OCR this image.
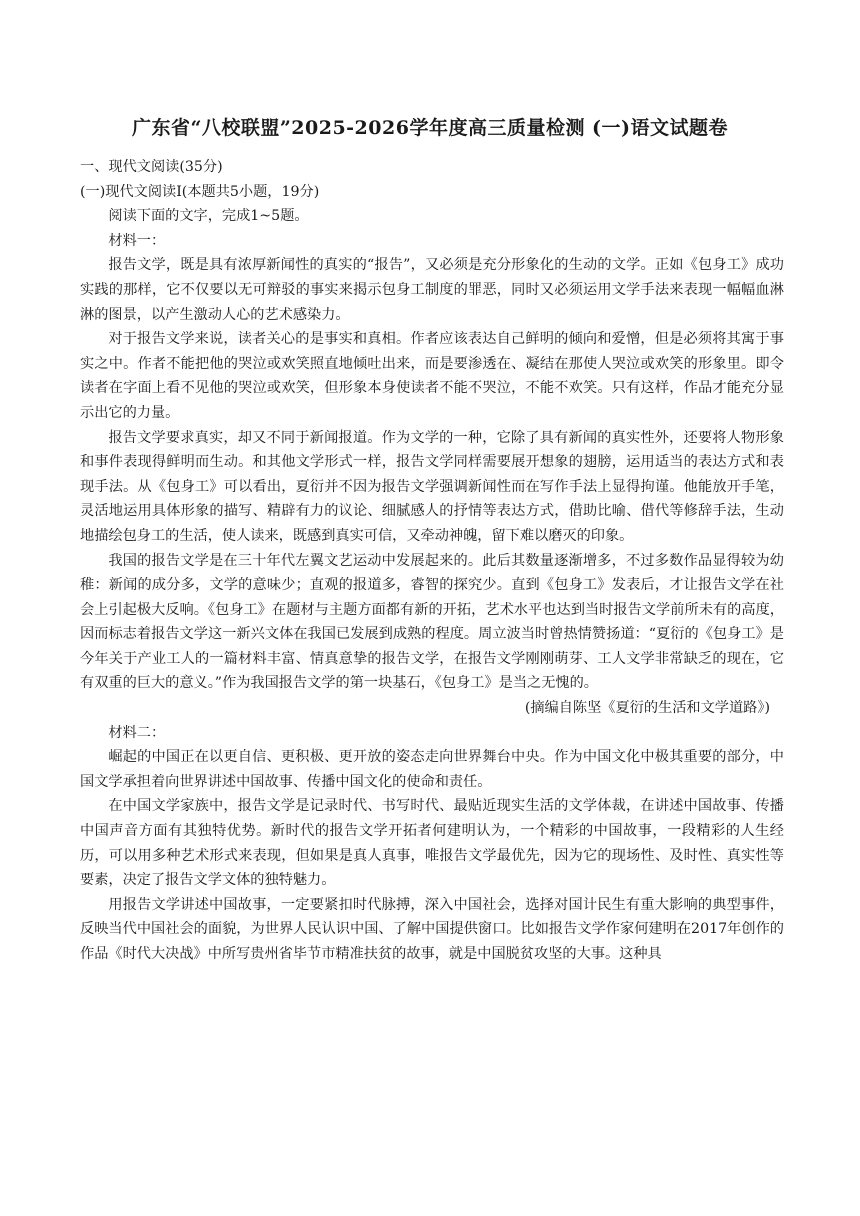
广东省“八校联盟”2025-2026学年度高三质量检测 (一)语文试题卷

一、现代文阅读(35分)

(一)现代文阅读Ⅰ(本题共5小题，19分)

阅读下面的文字，完成1~5题。

材料一：

报告文学，既是具有浓厚新闻性的真实的“报告”，又必须是充分形象化的生动的文学。正如《包身工》成功实践的那样，它不仅要以无可辩驳的事实来揭示包身工制度的罪恶，同时又必须运用文学手法来表现一幅幅血淋淋的图景，以产生激动人心的艺术感染力。

对于报告文学来说，读者关心的是事实和真相。作者应该表达自己鲜明的倾向和爱憎，但是必须将其寓于事实之中。作者不能把他的哭泣或欢笑照直地倾吐出来，而是要渗透在、凝结在那使人哭泣或欢笑的形象里。即令读者在字面上看不见他的哭泣或欢笑，但形象本身使读者不能不哭泣，不能不欢笑。只有这样，作品才能充分显示出它的力量。

报告文学要求真实，却又不同于新闻报道。作为文学的一种，它除了具有新闻的真实性外，还要将人物形象和事件表现得鲜明而生动。和其他文学形式一样，报告文学同样需要展开想象的翅膀，运用适当的表达方式和表现手法。从《包身工》可以看出，夏衍并不因为报告文学强调新闻性而在写作手法上显得拘谨。他能放开手笔，灵活地运用具体形象的描写、精辟有力的议论、细腻感人的抒情等表达方式，借助比喻、借代等修辞手法，生动地描绘包身工的生活，使人读来，既感到真实可信，又牵动神魄，留下难以磨灭的印象。

我国的报告文学是在三十年代左翼文艺运动中发展起来的。此后其数量逐渐增多，不过多数作品显得较为幼稚：新闻的成分多，文学的意味少；直观的报道多，睿智的探究少。直到《包身工》发表后，才让报告文学在社会上引起极大反响。《包身工》在题材与主题方面都有新的开拓，艺术水平也达到当时报告文学前所未有的高度，因而标志着报告文学这一新兴文体在我国已发展到成熟的程度。周立波当时曾热情赞扬道：“夏衍的《包身工》是今年关于产业工人的一篇材料丰富、情真意挚的报告文学，在报告文学刚刚萌芽、工人文学非常缺乏的现在，它有双重的巨大的意义。”作为我国报告文学的第一块基石，《包身工》是当之无愧的。

(摘编自陈坚《夏衍的生活和文学道路》)

材料二：

崛起的中国正在以更自信、更积极、更开放的姿态走向世界舞台中央。作为中国文化中极其重要的部分，中国文学承担着向世界讲述中国故事、传播中国文化的使命和责任。

在中国文学家族中，报告文学是记录时代、书写时代、最贴近现实生活的文学体裁，在讲述中国故事、传播中国声音方面有其独特优势。新时代的报告文学开拓者何建明认为，一个精彩的中国故事，一段精彩的人生经历，可以用多种艺术形式来表现，但如果是真人真事，唯报告文学最优先，因为它的现场性、及时性、真实性等要素，决定了报告文学文体的独特魅力。

用报告文学讲述中国故事，一定要紧扣时代脉搏，深入中国社会，选择对国计民生有重大影响的典型事件，反映当代中国社会的面貌，为世界人民认识中国、了解中国提供窗口。比如报告文学作家何建明在2017年创作的作品《时代大决战》中所写贵州省毕节市精准扶贫的故事，就是中国脱贫攻坚的大事。这种具
